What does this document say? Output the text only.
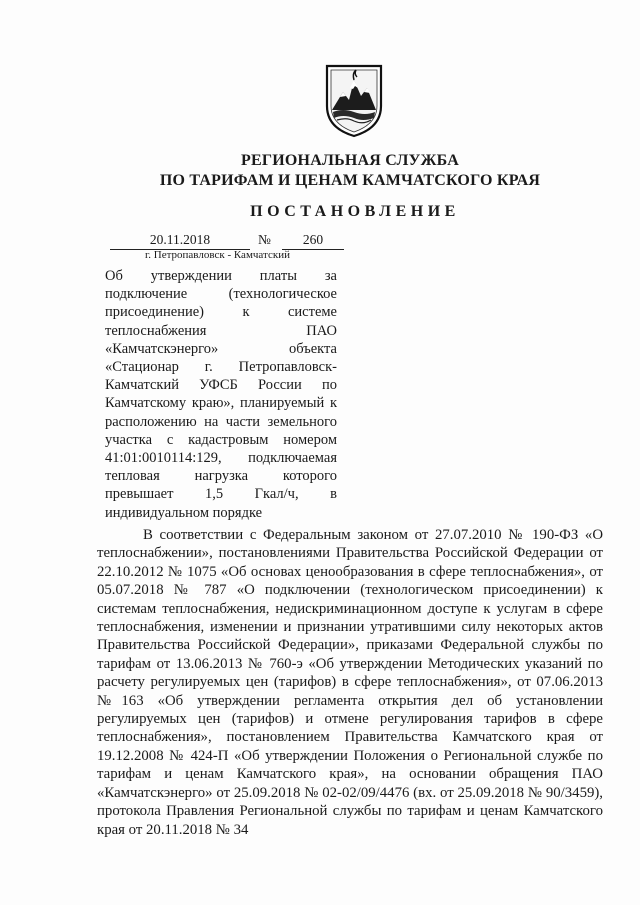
РЕГИОНАЛЬНАЯ СЛУЖБА
ПО ТАРИФАМ И ЦЕНАМ КАМЧАТСКОГО КРАЯ
ПОСТАНОВЛЕНИЕ
20.11.2018	№	260
г. Петропавловск - Камчатский
Об утверждении платы за подключение (технологическое присоединение) к системе теплоснабжения ПАО «Камчатскэнерго» объекта «Стационар г. Петропавловск-Камчатский УФСБ России по Камчатскому краю», планируемый к расположению на части земельного участка с кадастровым номером 41:01:0010114:129, подключаемая тепловая нагрузка которого превышает 1,5 Гкал/ч, в индивидуальном порядке
В соответствии с Федеральным законом от 27.07.2010 № 190-ФЗ «О теплоснабжении», постановлениями Правительства Российской Федерации от 22.10.2012 № 1075 «Об основах ценообразования в сфере теплоснабжения», от 05.07.2018 № 787 «О подключении (технологическом присоединении) к системам теплоснабжения, недискриминационном доступе к услугам в сфере теплоснабжения, изменении и признании утратившими силу некоторых актов Правительства Российской Федерации», приказами Федеральной службы по тарифам от 13.06.2013 № 760-э «Об утверждении Методических указаний по расчету регулируемых цен (тарифов) в сфере теплоснабжения», от 07.06.2013 №163 «Об утверждении регламента открытия дел об установлении регулируемых цен (тарифов) и отмене регулирования тарифов в сфере теплоснабжения», постановлением Правительства Камчатского края от 19.12.2008 № 424-П «Об утверждении Положения о Региональной службе по тарифам и ценам Камчатского края», на основании обращения ПАО «Камчатскэнерго» от 25.09.2018 № 02-02/09/4476 (вх. от 25.09.2018 № 90/3459), протокола Правления Региональной службы по тарифам и ценам Камчатского края от 20.11.2018 № 34
